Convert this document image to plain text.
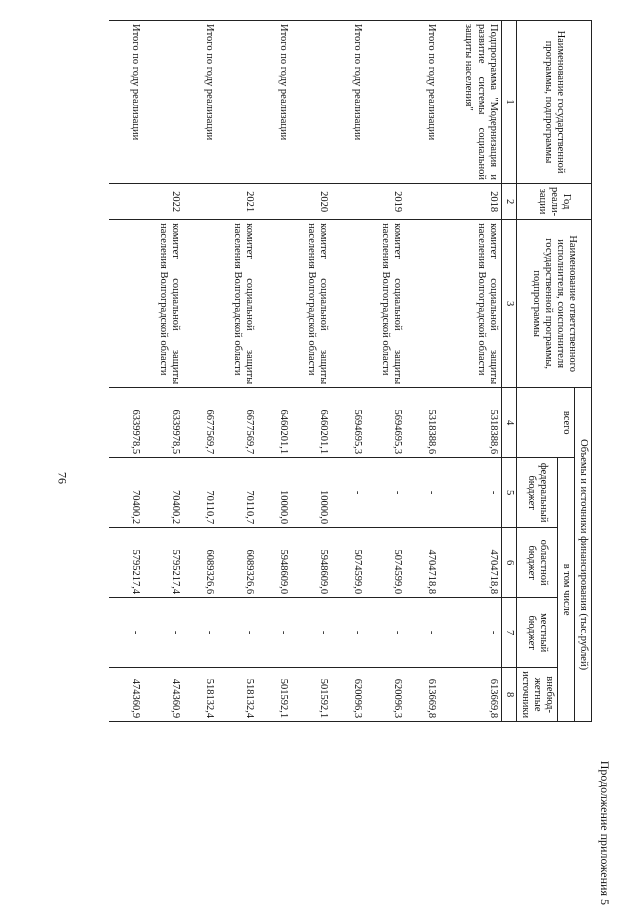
76
Продолжение приложения 5
Наименование государственной программы, подпрограммы	Год реали-зации	Наименование ответственного исполнителя, соисполнителя государственной программы, подпрограммы	Объемы и источники финансирования (тыс.рублей)				
			всего	в том числе			
				федеральный бюджет	областной бюджет	местный бюджет	внебюд-жетные источники
1	2	3	4	5	6	7	8
Подпрограмма "Модернизация и развитие системы социальной защиты населения"	2018	комитет социальной защиты населения Волгоградской области	5318388,6	-	4704718,8	-	613669,8
Итого по году реализации			5318388,6	-	4704718,8	-	613669,8
	2019	комитет социальной защиты населения Волгоградской области	5694695,3	-	5074599,0	-	620096,3
Итого по году реализации			5694695,3	-	5074599,0	-	620096,3
	2020	комитет социальной защиты населения Волгоградской области	6460201,1	10000,0	5948609,0	-	501592,1
Итого по году реализации			6460201,1	10000,0	5948609,0	-	501592,1
	2021	комитет социальной защиты населения Волгоградской области	6677569,7	70110,7	6089326,6	-	518132,4
Итого по году реализации			6677569,7	70110,7	6089326,6	-	518132,4
	2022	комитет социальной защиты населения Волгоградской области	6339978,5	70400,2	5795217,4	-	474360,9
Итого по году реализации			6339978,5	70400,2	5795217,4	-	474360,9
